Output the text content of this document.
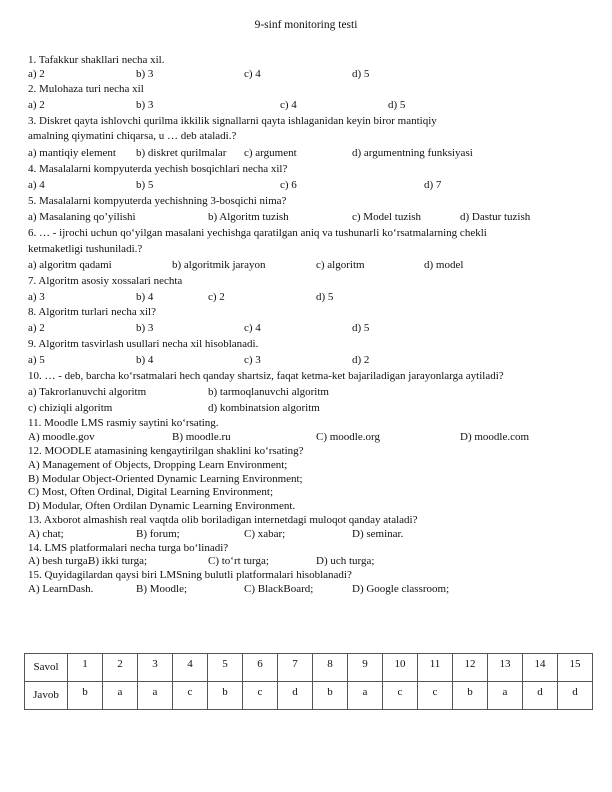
9-sinf monitoring testi
1. Tafakkur shakllari necha xil.
a) 2	b) 3	c) 4	d) 5
2. Mulohaza turi necha xil
a) 2	b) 3	c) 4	d) 5
3. Diskret qayta ishlovchi qurilma ikkilik signallarni qayta ishlaganidan keyin biror mantiqiy
amalning qiymatini chiqarsa, u … deb ataladi.?
a) mantiqiy element b) diskret qurilmalar c) argument	d) argumentning funksiyasi
4. Masalalarni kompyuterda yechish bosqichlari necha xil?
a) 4	b) 5	c) 6	d) 7
5. Masalalarni kompyuterda yechishning 3-bosqichi nima?
a) Masalaning qo’yilishi	b) Algoritm tuzish	c) Model tuzish	d) Dastur tuzish
6. … - ijrochi uchun qo‘yilgan masalani yechishga qaratilgan aniq va tushunarli ko‘rsatmalarning chekli
ketmaketligi tushuniladi.?
a) algoritm qadami	b) algoritmik jarayon	c) algoritm	d) model
7. Algoritm asosiy xossalari nechta
a) 3	b) 4	c) 2	d) 5
8. Algoritm turlari necha xil?
a) 2	b) 3	c) 4	d) 5
9. Algoritm tasvirlash usullari necha xil hisoblanadi.
a) 5	b) 4	c) 3	d) 2
10. … - deb, barcha ko‘rsatmalari hech qanday shartsiz, faqat ketma-ket bajariladigan jarayonlarga aytiladi?
a) Takrorlanuvchi algoritm	b) tarmoqlanuvchi algoritm
c) chiziqli algoritm	d) kombinatsion algoritm
11. Moodle LMS rasmiy saytini ko‘rsating.
A) moodle.gov	B) moodle.ru	C) moodle.org	D) moodle.com
12. MOODLE atamasining kengaytirilgan shaklini ko‘rsating?
A) Management of Objects, Dropping Learn Environment;
B) Modular Object-Oriented Dynamic Learning Environment;
C) Most, Often Ordinal, Digital Learning Environment;
D) Modular, Often Ordilan Dynamic Learning Environment.
13. Axborot almashish real vaqtda olib boriladigan internetdagi muloqot qanday ataladi?
A) chat;	B) forum;	C) xabar;	D) seminar.
14. LMS platformalari necha turga bo‘linadi?
A) besh turga.
B) ikki turga;	C) to‘rt turga;	D) uch turga;
15. Quyidagilardan qaysi biri LMSning bulutli platformalari hisoblanadi?
A) LearnDash.	B) Moodle;	C) BlackBoard;	D) Google classroom;
Savol	1	2	3	4	5	6	7	8	9	10	11	12	13	14	15
Javob	b	a	a	c	b	c	d	b	a	c	c	b	a	d	d
